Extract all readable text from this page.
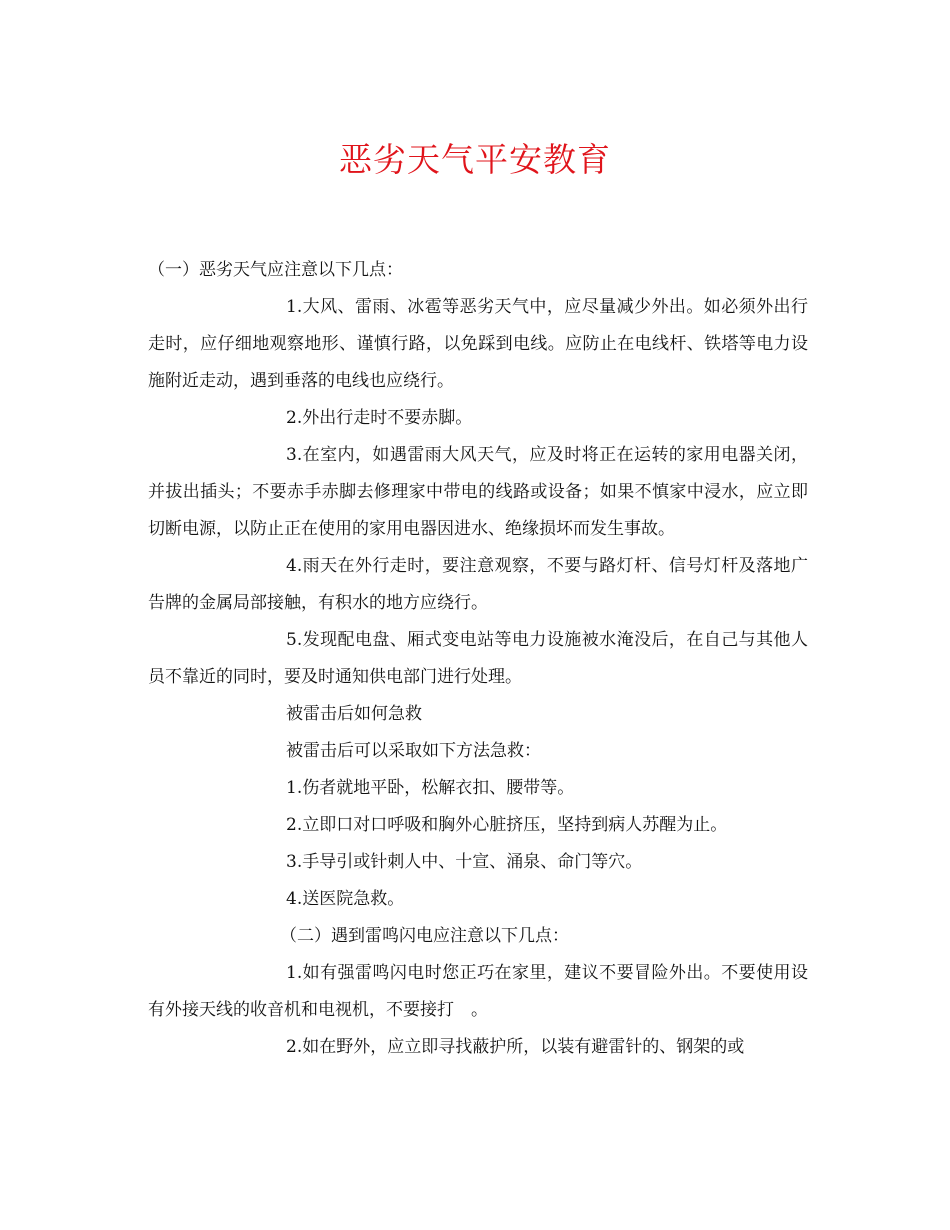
恶劣天气平安教育

（一）恶劣天气应注意以下几点：

1.大风、雷雨、冰雹等恶劣天气中，应尽量减少外出。如必须外出行走时，应仔细地观察地形、谨慎行路，以免踩到电线。应防止在电线杆、铁塔等电力设施附近走动，遇到垂落的电线也应绕行。

2.外出行走时不要赤脚。

3.在室内，如遇雷雨大风天气，应及时将正在运转的家用电器关闭，并拔出插头；不要赤手赤脚去修理家中带电的线路或设备；如果不慎家中浸水，应立即切断电源，以防止正在使用的家用电器因进水、绝缘损坏而发生事故。

4.雨天在外行走时，要注意观察，不要与路灯杆、信号灯杆及落地广告牌的金属局部接触，有积水的地方应绕行。

5.发现配电盘、厢式变电站等电力设施被水淹没后，在自己与其他人员不靠近的同时，要及时通知供电部门进行处理。

被雷击后如何急救

被雷击后可以采取如下方法急救：

1.伤者就地平卧，松解衣扣、腰带等。

2.立即口对口呼吸和胸外心脏挤压，坚持到病人苏醒为止。

3.手导引或针刺人中、十宣、涌泉、命门等穴。

4.送医院急救。

（二）遇到雷鸣闪电应注意以下几点：

1.如有强雷鸣闪电时您正巧在家里，建议不要冒险外出。不要使用设有外接天线的收音机和电视机，不要接打　。

2.如在野外，应立即寻找蔽护所，以装有避雷针的、钢架的或
